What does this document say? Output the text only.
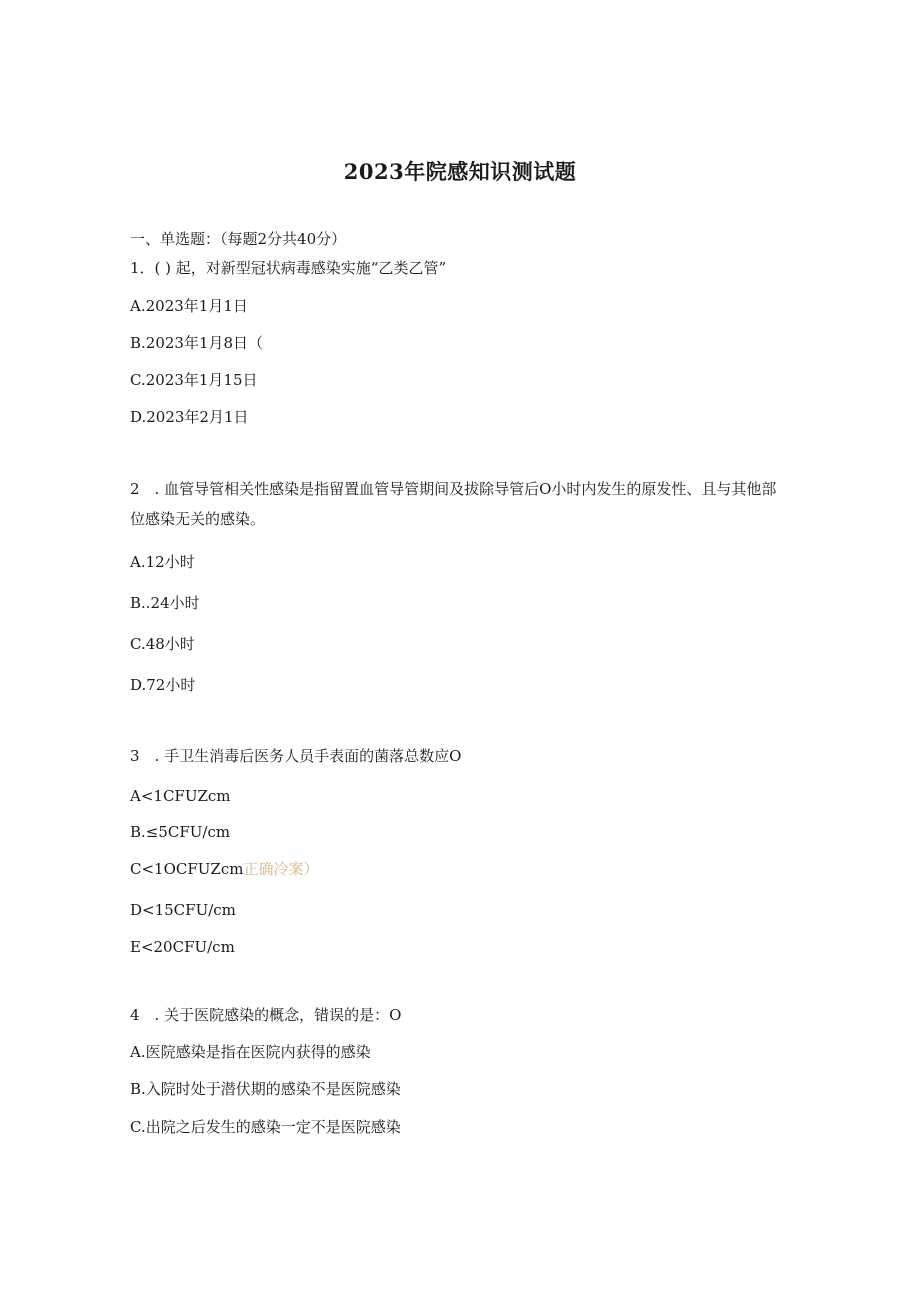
2023年院感知识测试题
一、单选题：（每题2分共40分）
1．( ) 起，对新型冠状病毒感染实施“乙类乙管”
A.2023年1月1日
B.2023年1月8日（
C.2023年1月15日
D.2023年2月1日
2　. 血管导管相关性感染是指留置血管导管期间及拔除导管后O小时内发生的原发性、且与其他部位感染无关的感染。
A.12小时
B..24小时
C.48小时
D.72小时
3　. 手卫生消毒后医务人员手表面的菌落总数应O
A<1CFUZcm
B.≤5CFU∕cm
C<1OCFUZcm正确冷案）
D<15CFU∕cm
E<20CFU∕cm
4　. 关于医院感染的概念，错误的是：O
A.医院感染是指在医院内获得的感染
B.入院时处于潜伏期的感染不是医院感染
C.出院之后发生的感染一定不是医院感染
